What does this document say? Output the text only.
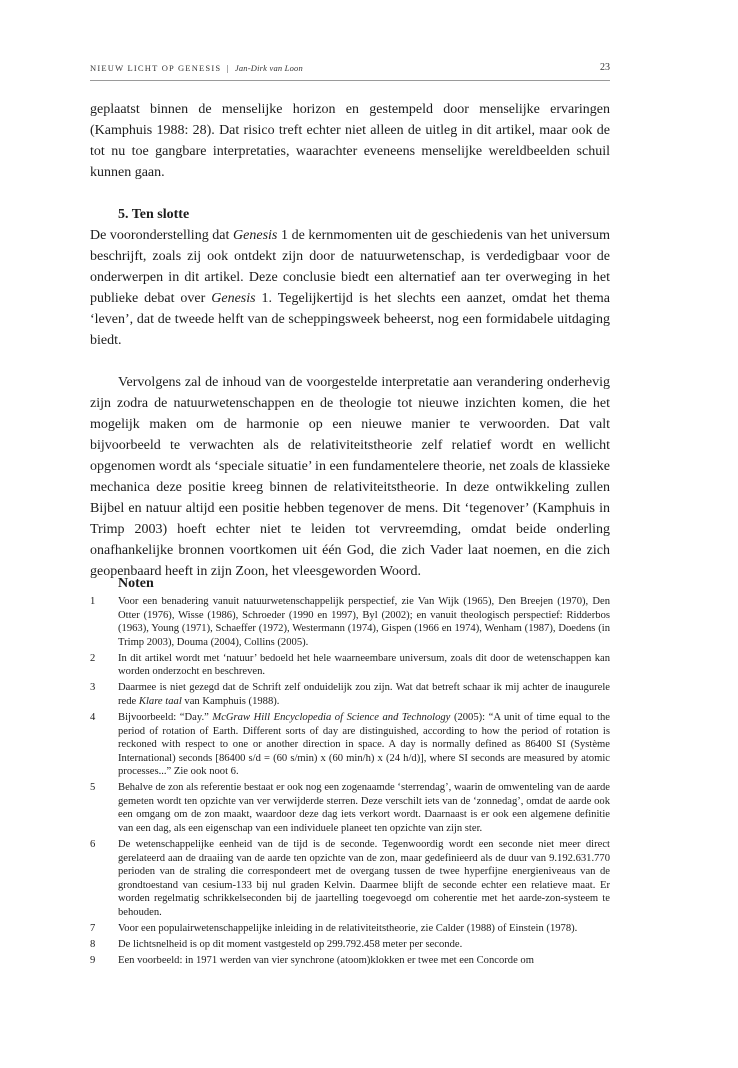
NIEUW LICHT OP GENESIS | Jan-Dirk van Loon	23

geplaatst binnen de menselijke horizon en gestempeld door menselijke ervaringen (Kamphuis 1988: 28). Dat risico treft echter niet alleen de uitleg in dit artikel, maar ook de tot nu toe gangbare interpretaties, waarachter eveneens menselijke wereldbeelden schuil kunnen gaan.

5. Ten slotte

De vooronderstelling dat Genesis 1 de kernmomenten uit de geschiedenis van het universum beschrijft, zoals zij ook ontdekt zijn door de natuurwetenschap, is verdedigbaar voor de onderwerpen in dit artikel. Deze conclusie biedt een alternatief aan ter overweging in het publieke debat over Genesis 1. Tegelijkertijd is het slechts een aanzet, omdat het thema ‘leven’, dat de tweede helft van de scheppingsweek beheerst, nog een formidabele uitdaging biedt.

Vervolgens zal de inhoud van de voorgestelde interpretatie aan verandering onderhevig zijn zodra de natuurwetenschappen en de theologie tot nieuwe inzichten komen, die het mogelijk maken om de harmonie op een nieuwe manier te verwoorden. Dat valt bijvoorbeeld te verwachten als de relativiteitstheorie zelf relatief wordt en wellicht opgenomen wordt als ‘speciale situatie’ in een fundamentelere theorie, net zoals de klassieke mechanica deze positie kreeg binnen de relativiteitstheorie. In deze ontwikkeling zullen Bijbel en natuur altijd een positie hebben tegenover de mens. Dit ‘tegenover’ (Kamphuis in Trimp 2003) hoeft echter niet te leiden tot vervreemding, omdat beide onderling onafhankelijke bronnen voortkomen uit één God, die zich Vader laat noemen, en die zich geopenbaard heeft in zijn Zoon, het vleesgeworden Woord.

Noten

1	Voor een benadering vanuit natuurwetenschappelijk perspectief, zie Van Wijk (1965), Den Breejen (1970), Den Otter (1976), Wisse (1986), Schroeder (1990 en 1997), Byl (2002); en vanuit theologisch perspectief: Ridderbos (1963), Young (1971), Schaeffer (1972), Westermann (1974), Gispen (1966 en 1974), Wenham (1987), Doedens (in Trimp 2003), Douma (2004), Collins (2005).
2	In dit artikel wordt met ‘natuur’ bedoeld het hele waarneembare universum, zoals dit door de wetenschappen kan worden onderzocht en beschreven.
3	Daarmee is niet gezegd dat de Schrift zelf onduidelijk zou zijn. Wat dat betreft schaar ik mij achter de inaugurele rede Klare taal van Kamphuis (1988).
4	Bijvoorbeeld: “Day.” McGraw Hill Encyclopedia of Science and Technology (2005): “A unit of time equal to the period of rotation of Earth. Different sorts of day are distinguished, according to how the period of rotation is reckoned with respect to one or another direction in space. A day is normally defined as 86400 SI (Système International) seconds [86400 s/d = (60 s/min) x (60 min/h) x (24 h/d)], where SI seconds are measured by atomic processes...” Zie ook noot 6.
5	Behalve de zon als referentie bestaat er ook nog een zogenaamde ‘sterrendag’, waarin de omwenteling van de aarde gemeten wordt ten opzichte van ver verwijderde sterren. Deze verschilt iets van de ‘zonnedag’, omdat de aarde ook een omgang om de zon maakt, waardoor deze dag iets verkort wordt. Daarnaast is er ook een algemene definitie van een dag, als een eigenschap van een individuele planeet ten opzichte van zijn ster.
6	De wetenschappelijke eenheid van de tijd is de seconde. Tegenwoordig wordt een seconde niet meer direct gerelateerd aan de draaiing van de aarde ten opzichte van de zon, maar gedefinieerd als de duur van 9.192.631.770 perioden van de straling die correspondeert met de overgang tussen de twee hyperfijne energieniveaus van de grondtoestand van cesium-133 bij nul graden Kelvin. Daarmee blijft de seconde echter een relatieve maat. Er worden regelmatig schrikkelseconden bij de jaartelling toegevoegd om coherentie met het aarde-zon-systeem te behouden.
7	Voor een populairwetenschappelijke inleiding in de relativiteitstheorie, zie Calder (1988) of Einstein (1978).
8	De lichtsnelheid is op dit moment vastgesteld op 299.792.458 meter per seconde.
9	Een voorbeeld: in 1971 werden van vier synchrone (atoom)klokken er twee met een Concorde om
